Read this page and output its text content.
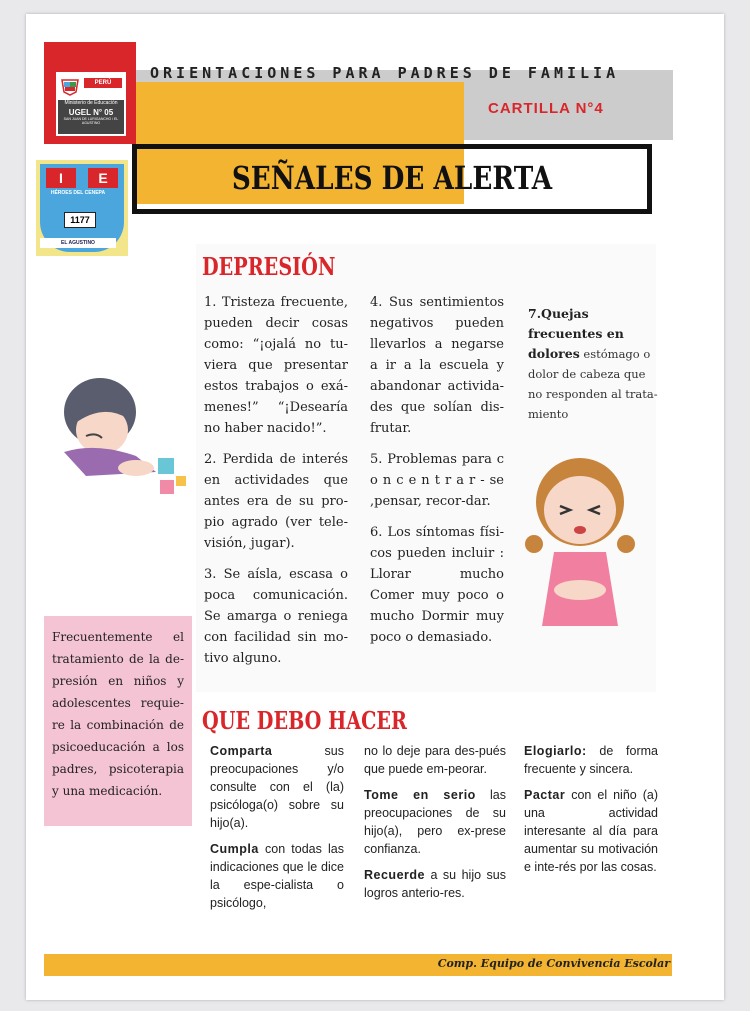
PERÚ
Ministerio de Educación
UGEL N° 05
SAN JUAN DE LURIGANCHO / EL AGUSTINO
I	E
HÉROES DEL CENEPA
1177
EL AGUSTINO
ORIENTACIONES PARA PADRES DE FAMILIA
CARTILLA N°4
SEÑALES DE ALERTA
DEPRESIÓN

1. Tristeza frecuente, pueden decir cosas como: “¡ojalá no tu-viera que presentar estos trabajos o exá-menes!” “¡Desearía no haber nacido!”.

2. Perdida de interés en actividades que antes era de su pro-pio agrado (ver tele-visión, jugar).

3. Se aísla, escasa o poca comunicación. Se amarga o reniega con facilidad sin mo-tivo alguno.

4. Sus sentimientos negativos pueden llevarlos a negarse a ir a la escuela y abandonar activida-des que solían dis-frutar.

5. Problemas para c o n c e n t r a r - se ,pensar, recor-dar.

6. Los síntomas físi-cos pueden incluir : Llorar mucho Comer muy poco o mucho Dormir muy poco o demasiado.

7.Quejas frecuentes en dolores estómago o dolor de cabeza que no responden al trata-miento
Frecuentemente el tratamiento de la de-presión en niños y adolescentes requie-re la combinación de psicoeducación a los padres, psicoterapia y una medicación.
QUE DEBO HACER

Comparta sus preocupaciones y/o consulte con el (la) psicóloga(o) sobre su hijo(a).

Cumpla con todas las indicaciones que le dice la espe-cialista o psicólogo,

no lo deje para des-pués que puede em-peorar.

Tome en serio las preocupaciones de su hijo(a), pero ex-prese confianza.

Recuerde a su hijo sus logros anterio-res.

Elogiarlo: de forma frecuente y sincera.

Pactar con el niño (a) una actividad interesante al día para aumentar su motivación e inte-rés por las cosas.

Comp. Equipo de Convivencia Escolar
